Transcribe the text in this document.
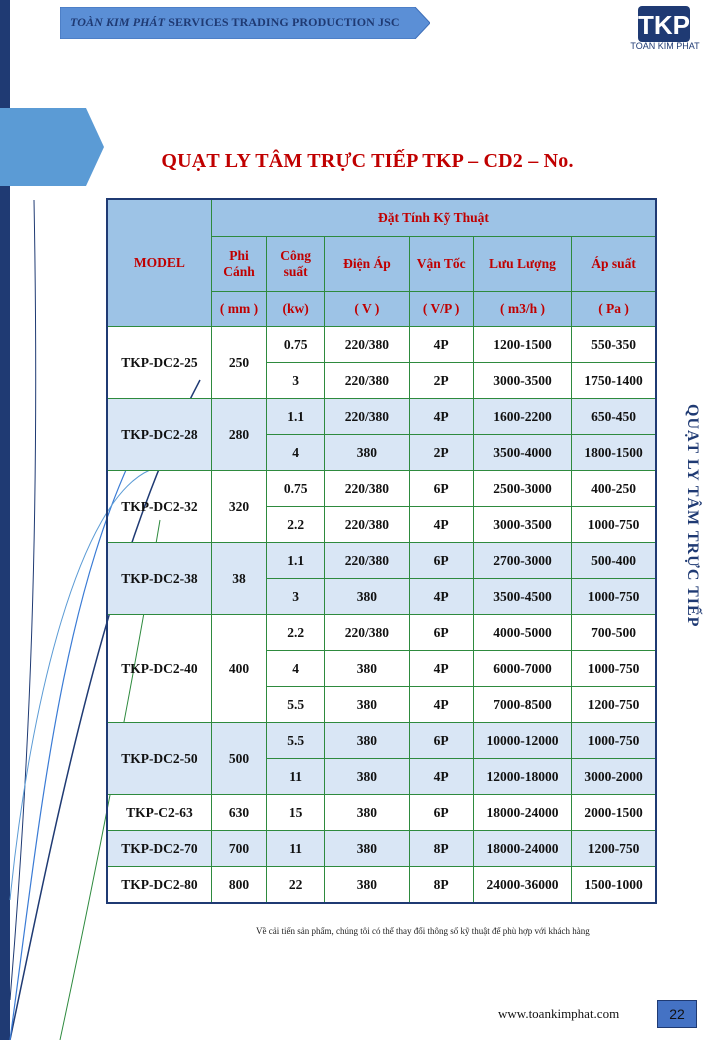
TOÀN KIM PHÁT SERVICES TRADING PRODUCTION JSC	TKP
TOAN KIM PHAT
QUẠT LY TÂM TRỰC TIẾP TKP – CD2 – No.
MODEL	Đặt Tính Kỹ Thuật					
	Phi Cánh	Công suất	Điện Áp	Vận Tốc	Lưu Lượng	Áp suất
	( mm )	(kw)	( V )	( V/P )	( m3/h )	( Pa )
TKP-DC2-25	250	0.75	220/380	4P	1200-1500	550-350
		3	220/380	2P	3000-3500	1750-1400
TKP-DC2-28	280	1.1	220/380	4P	1600-2200	650-450
		4	380	2P	3500-4000	1800-1500
TKP-DC2-32	320	0.75	220/380	6P	2500-3000	400-250
		2.2	220/380	4P	3000-3500	1000-750
TKP-DC2-38	38	1.1	220/380	6P	2700-3000	500-400
		3	380	4P	3500-4500	1000-750
TKP-DC2-40	400	2.2	220/380	6P	4000-5000	700-500
		4	380	4P	6000-7000	1000-750
		5.5	380	4P	7000-8500	1200-750
TKP-DC2-50	500	5.5	380	6P	10000-12000	1000-750
		11	380	4P	12000-18000	3000-2000
TKP-C2-63	630	15	380	6P	18000-24000	2000-1500
TKP-DC2-70	700	11	380	8P	18000-24000	1200-750
TKP-DC2-80	800	22	380	8P	24000-36000	1500-1000
Về cải tiến sản phẩm, chúng tôi có thể thay đổi thông số kỹ thuật để phù hợp với khách hàng
QUẠT LY TÂM TRỰC TIẾP
www.toankimphat.com	22
